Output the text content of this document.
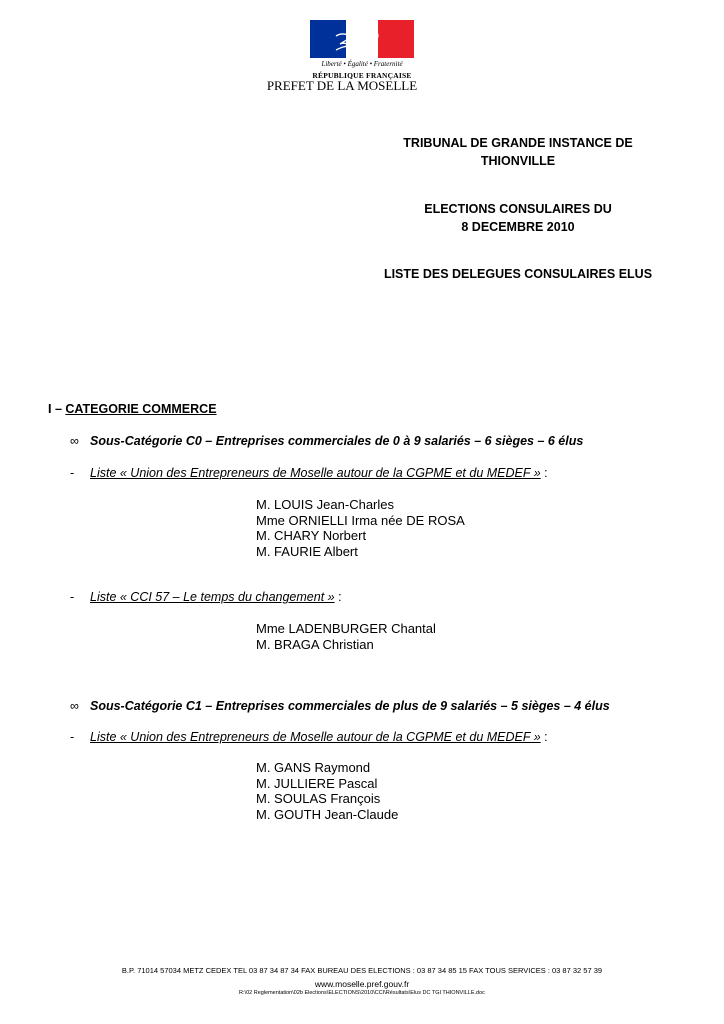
Liberté • Égalité • Fraternité
RÉPUBLIQUE FRANÇAISE
PREFET DE LA MOSELLE
TRIBUNAL DE GRANDE INSTANCE DE
THIONVILLE
ELECTIONS CONSULAIRES DU
8 DECEMBRE 2010
LISTE DES DELEGUES CONSULAIRES ELUS
I – CATEGORIE COMMERCE
∞ Sous-Catégorie C0 – Entreprises commerciales de 0 à 9 salariés – 6 sièges – 6 élus
- Liste « Union des Entrepreneurs de Moselle autour de la CGPME et du MEDEF » :
M. LOUIS Jean-Charles
Mme ORNIELLI Irma née DE ROSA
M. CHARY Norbert
M. FAURIE Albert
- Liste « CCI 57 – Le temps du changement » :
Mme LADENBURGER Chantal
M. BRAGA Christian
∞ Sous-Catégorie C1 – Entreprises commerciales de plus de 9 salariés – 5 sièges – 4 élus
- Liste « Union des Entrepreneurs de Moselle autour de la CGPME et du MEDEF » :
M. GANS Raymond
M. JULLIERE Pascal
M. SOULAS François
M. GOUTH Jean-Claude
B.P. 71014 57034 METZ CEDEX TEL 03 87 34 87 34 FAX BUREAU DES ELECTIONS : 03 87 34 85 15 FAX TOUS SERVICES : 03 87 32 57 39
www.moselle.pref.gouv.fr
R:\02 Reglementation\02b Elections\ELECTIONS\2010\CCI\Résultats\Elus DC TGI THIONVILLE.doc
